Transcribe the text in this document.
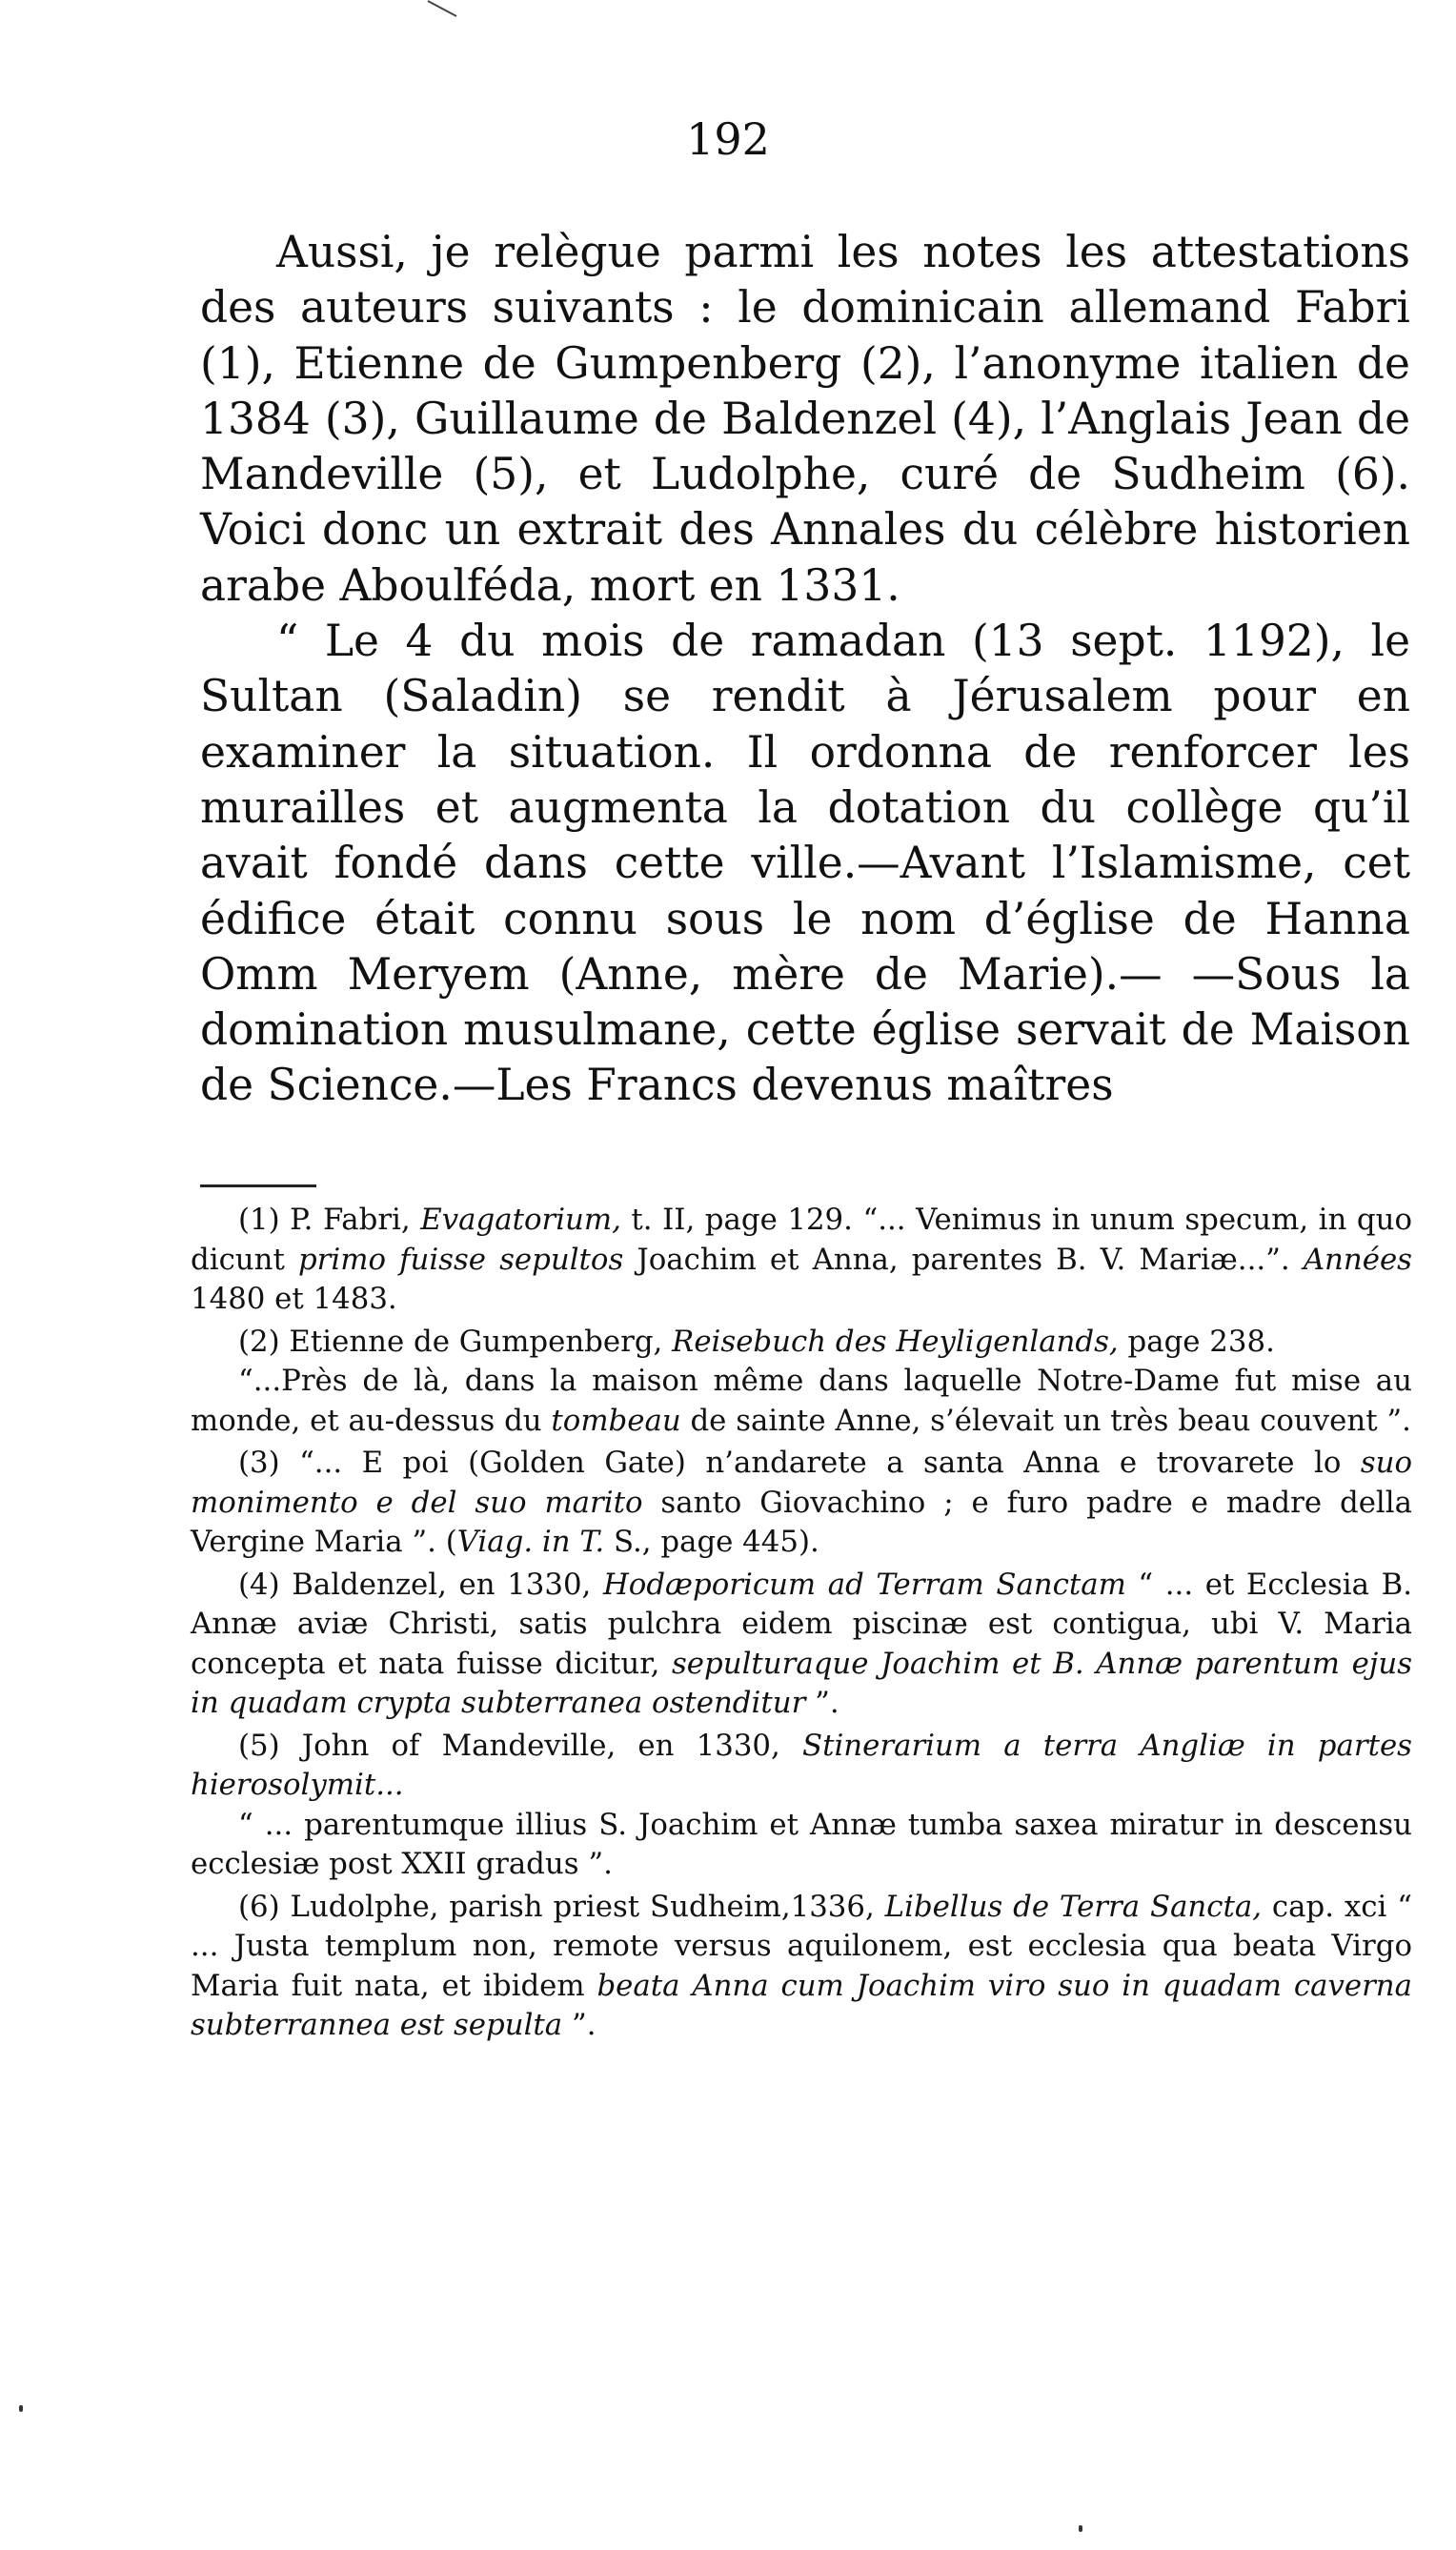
192

Aussi, je relègue parmi les notes les attestations des auteurs suivants : le dominicain allemand Fabri (1), Etienne de Gumpenberg (2), l’anonyme italien de 1384 (3), Guillaume de Baldenzel (4), l’Anglais Jean de Mandeville (5), et Ludolphe, curé de Sudheim (6). Voici donc un extrait des Annales du célèbre historien arabe Aboulféda, mort en 1331.

“ Le 4 du mois de ramadan (13 sept. 1192), le Sultan (Saladin) se rendit à Jérusalem pour en examiner la situation. Il ordonna de renforcer les murailles et augmenta la dotation du collège qu’il avait fondé dans cette ville.—Avant l’Islamisme, cet édifice était connu sous le nom d’église de Hanna Omm Meryem (Anne, mère de Marie).— —Sous la domination musulmane, cette église servait de Maison de Science.—Les Francs devenus maîtres

(1) P. Fabri, Evagatorium, t. II, page 129. “... Venimus in unum specum, in quo dicunt primo fuisse sepultos Joachim et Anna, parentes B. V. Mariæ...”. Années 1480 et 1483.

(2) Etienne de Gumpenberg, Reisebuch des Heyligenlands, page 238.

“...Près de là, dans la maison même dans laquelle Notre-Dame fut mise au monde, et au-dessus du tombeau de sainte Anne, s’élevait un très beau couvent ”.

(3) “... E poi (Golden Gate) n’andarete a santa Anna e trovarete lo suo monimento e del suo marito santo Giovachino ; e furo padre e madre della Vergine Maria ”. (Viag. in T. S., page 445).

(4) Baldenzel, en 1330, Hodæporicum ad Terram Sanctam “ ... et Ecclesia B. Annæ aviæ Christi, satis pulchra eidem piscinæ est contigua, ubi V. Maria concepta et nata fuisse dicitur, sepulturaque Joachim et B. Annæ parentum ejus in quadam crypta subterranea ostenditur ”.

(5) John of Mandeville, en 1330, Stinerarium a terra Angliæ in partes hierosolymit...

“ ... parentumque illius S. Joachim et Annæ tumba saxea miratur in descensu ecclesiæ post XXII gradus ”.

(6) Ludolphe, parish priest Sudheim,1336, Libellus de Terra Sancta, cap. xci “ ... Justa templum non, remote versus aquilonem, est ecclesia qua beata Virgo Maria fuit nata, et ibidem beata Anna cum Joachim viro suo in quadam caverna subterrannea est sepulta ”.
